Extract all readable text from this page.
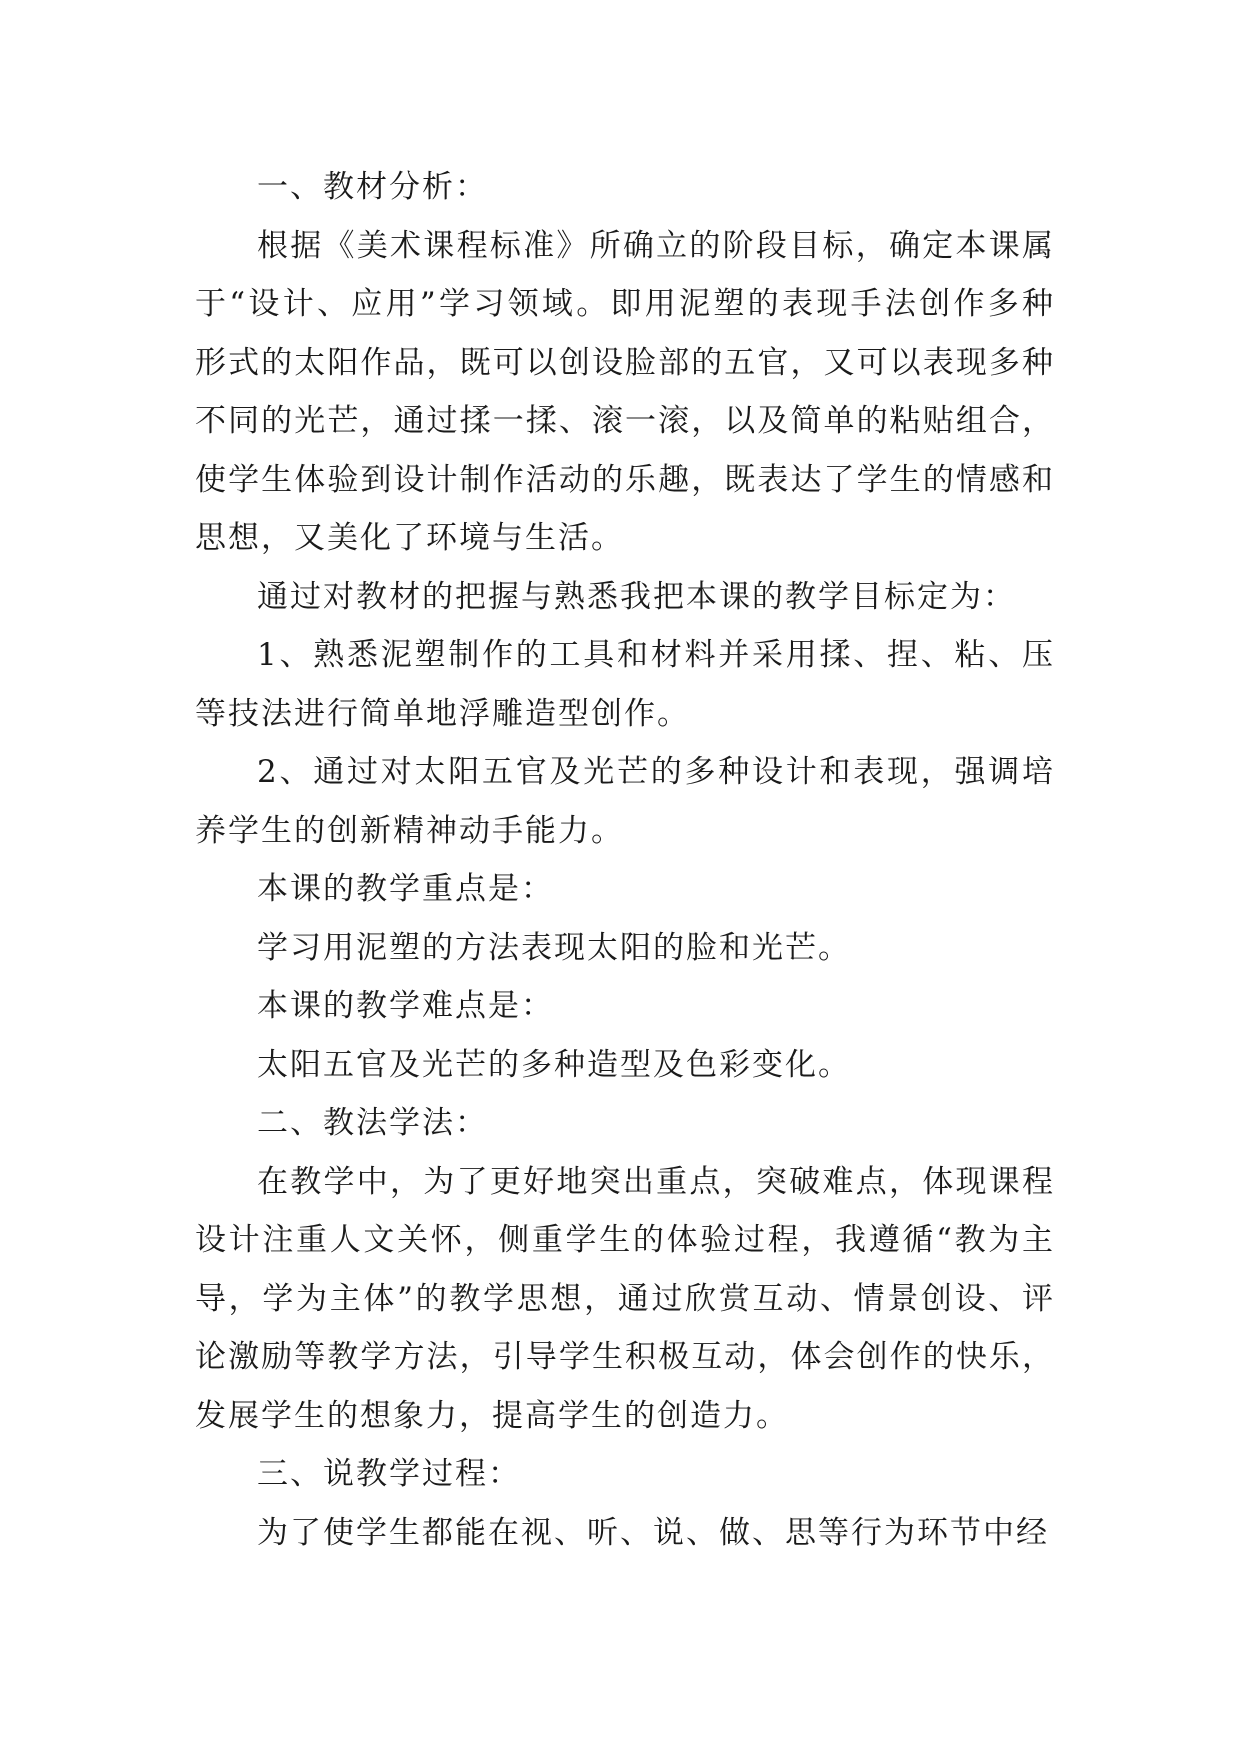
一、教材分析：

根据《美术课程标准》所确立的阶段目标，确定本课属于“设计、应用”学习领域。即用泥塑的表现手法创作多种形式的太阳作品，既可以创设脸部的五官，又可以表现多种不同的光芒，通过揉一揉、滚一滚，以及简单的粘贴组合，使学生体验到设计制作活动的乐趣，既表达了学生的情感和思想，又美化了环境与生活。

通过对教材的把握与熟悉我把本课的教学目标定为：

1、熟悉泥塑制作的工具和材料并采用揉、捏、粘、压等技法进行简单地浮雕造型创作。

2、通过对太阳五官及光芒的多种设计和表现，强调培养学生的创新精神动手能力。

本课的教学重点是：

学习用泥塑的方法表现太阳的脸和光芒。

本课的教学难点是：

太阳五官及光芒的多种造型及色彩变化。

二、教法学法：

在教学中，为了更好地突出重点，突破难点，体现课程设计注重人文关怀，侧重学生的体验过程，我遵循“教为主导，学为主体”的教学思想，通过欣赏互动、情景创设、评论激励等教学方法，引导学生积极互动，体会创作的快乐，发展学生的想象力，提高学生的创造力。

三、说教学过程：

为了使学生都能在视、听、说、做、思等行为环节中经
